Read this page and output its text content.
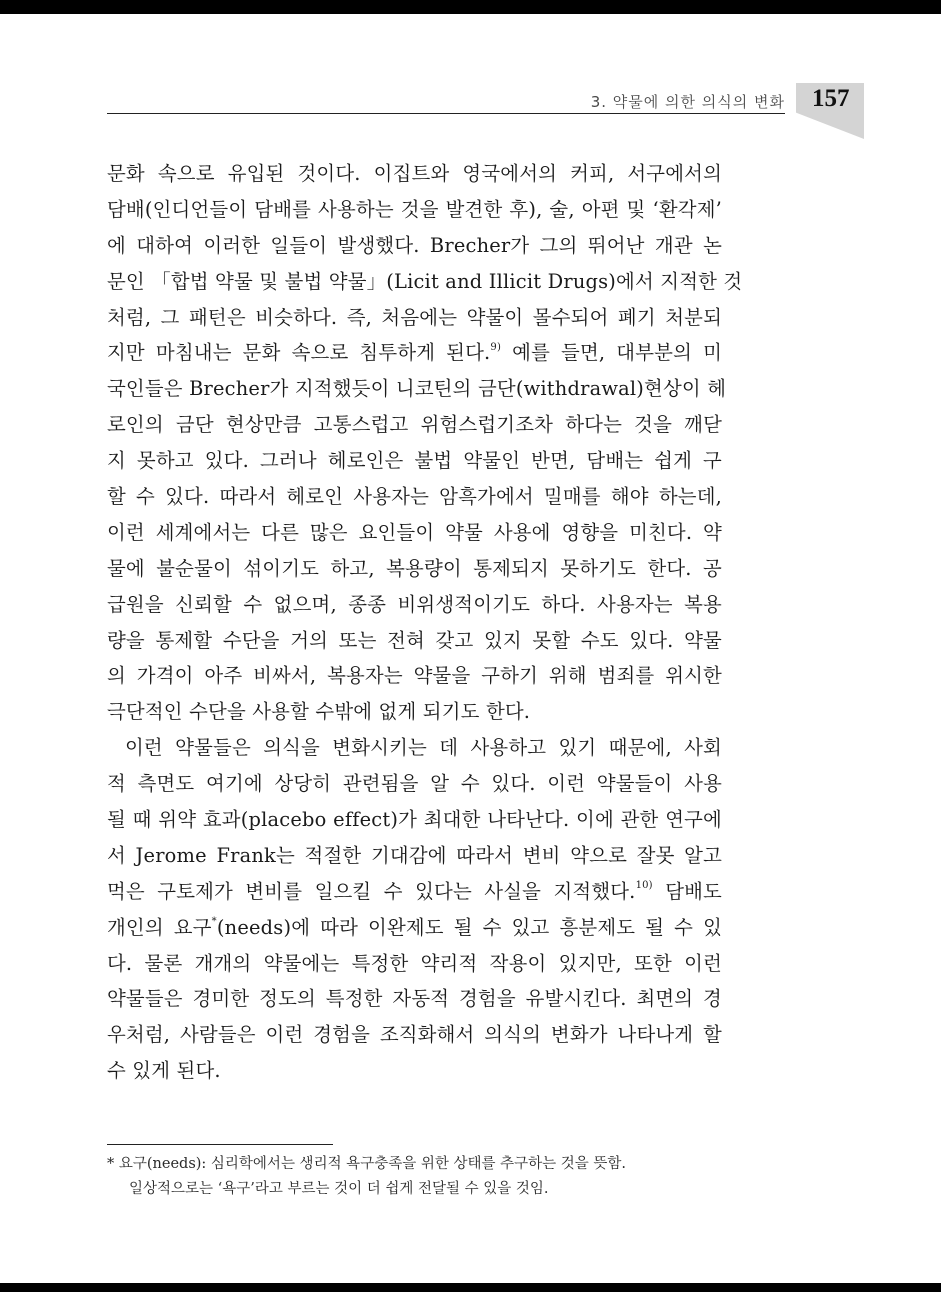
3. 약물에 의한 의식의 변화 157
문화 속으로 유입된 것이다. 이집트와 영국에서의 커피, 서구에서의
담배(인디언들이 담배를 사용하는 것을 발견한 후), 술, 아편 및 ‘환각제’
에 대하여 이러한 일들이 발생했다. Brecher가 그의 뛰어난 개관 논
문인 「합법 약물 및 불법 약물」(Licit and Illicit Drugs)에서 지적한 것
처럼, 그 패턴은 비슷하다. 즉, 처음에는 약물이 몰수되어 폐기 처분되
지만 마침내는 문화 속으로 침투하게 된다.$^{9)}$ 예를 들면, 대부분의 미
국인들은 Brecher가 지적했듯이 니코틴의 금단(withdrawal)현상이 헤
로인의 금단 현상만큼 고통스럽고 위험스럽기조차 하다는 것을 깨닫
지 못하고 있다. 그러나 헤로인은 불법 약물인 반면, 담배는 쉽게 구
할 수 있다. 따라서 헤로인 사용자는 암흑가에서 밀매를 해야 하는데,
이런 세계에서는 다른 많은 요인들이 약물 사용에 영향을 미친다. 약
물에 불순물이 섞이기도 하고, 복용량이 통제되지 못하기도 한다. 공
급원을 신뢰할 수 없으며, 종종 비위생적이기도 하다. 사용자는 복용
량을 통제할 수단을 거의 또는 전혀 갖고 있지 못할 수도 있다. 약물
의 가격이 아주 비싸서, 복용자는 약물을 구하기 위해 범죄를 위시한
극단적인 수단을 사용할 수밖에 없게 되기도 한다.
이런 약물들은 의식을 변화시키는 데 사용하고 있기 때문에, 사회
적 측면도 여기에 상당히 관련됨을 알 수 있다. 이런 약물들이 사용
될 때 위약 효과(placebo effect)가 최대한 나타난다. 이에 관한 연구에
서 Jerome Frank는 적절한 기대감에 따라서 변비 약으로 잘못 알고
먹은 구토제가 변비를 일으킬 수 있다는 사실을 지적했다.$^{10)}$ 담배도
개인의 요구*(needs)에 따라 이완제도 될 수 있고 흥분제도 될 수 있
다. 물론 개개의 약물에는 특정한 약리적 작용이 있지만, 또한 이런
약물들은 경미한 정도의 특정한 자동적 경험을 유발시킨다. 최면의 경
우처럼, 사람들은 이런 경험을 조직화해서 의식의 변화가 나타나게 할
수 있게 된다.
* 요구(needs): 심리학에서는 생리적 욕구충족을 위한 상태를 추구하는 것을 뜻함.
일상적으로는 ‘욕구’라고 부르는 것이 더 쉽게 전달될 수 있을 것임.
